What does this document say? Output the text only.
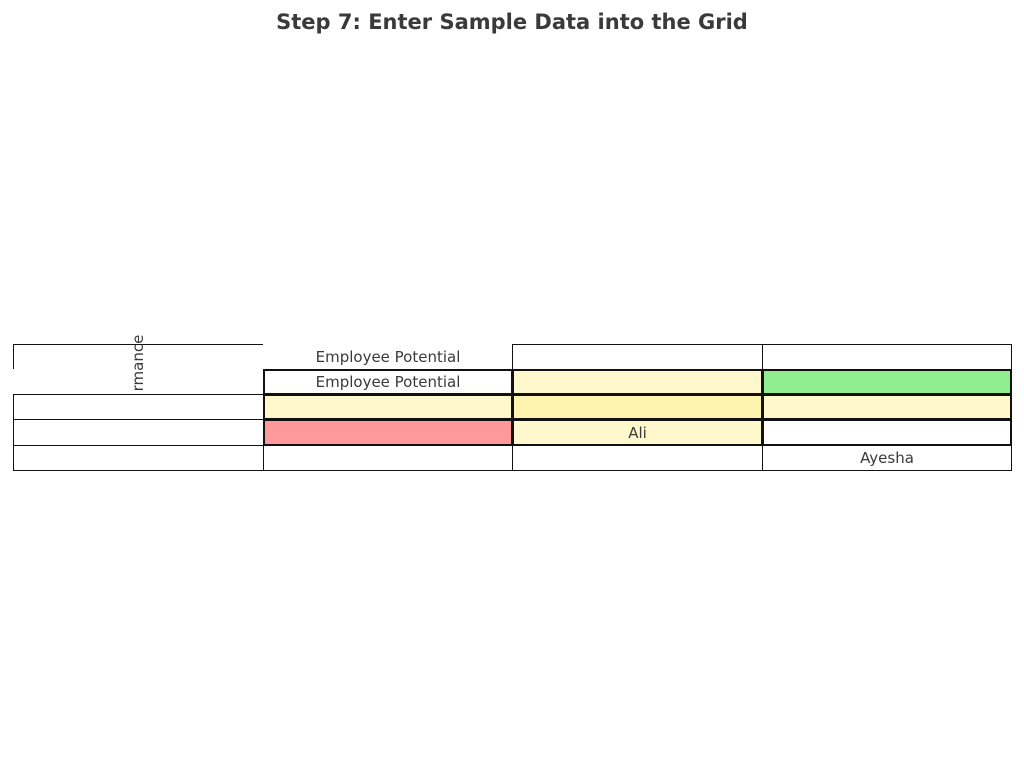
Step 7: Enter Sample Data into the Grid
Employee Potential
Employee Potential
Ali
Ayesha
rmance
